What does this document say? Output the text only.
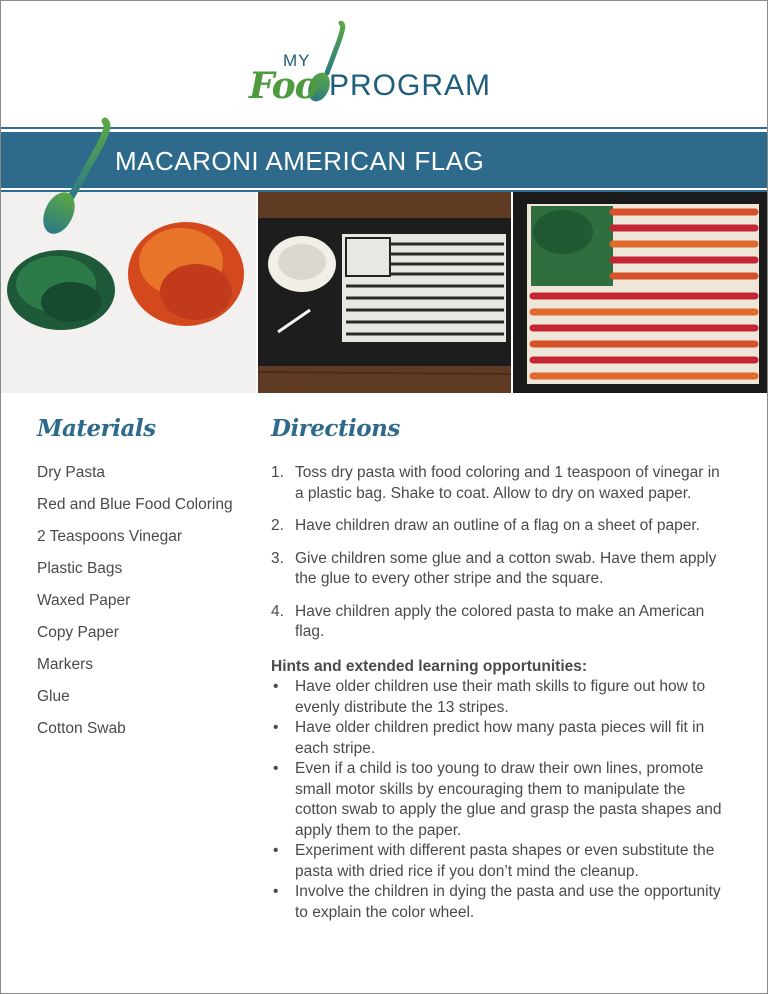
MY
Foo PROGRAM
MACARONI AMERICAN FLAG
Materials
Dry Pasta
Red and Blue Food Coloring
2 Teaspoons Vinegar
Plastic Bags
Waxed Paper
Copy Paper
Markers
Glue
Cotton Swab
Directions
1. Toss dry pasta with food coloring and 1 teaspoon of vinegar in a plastic bag. Shake to coat. Allow to dry on waxed paper.
2. Have children draw an outline of a flag on a sheet of paper.
3. Give children some glue and a cotton swab. Have them apply the glue to every other stripe and the square.
4. Have children apply the colored pasta to make an American flag.
Hints and extended learning opportunities:
• Have older children use their math skills to figure out how to evenly distribute the 13 stripes.
• Have older children predict how many pasta pieces will fit in each stripe.
• Even if a child is too young to draw their own lines, promote small motor skills by encouraging them to manipulate the cotton swab to apply the glue and grasp the pasta shapes and apply them to the paper.
• Experiment with different pasta shapes or even substitute the pasta with dried rice if you don’t mind the cleanup.
• Involve the children in dying the pasta and use the opportunity to explain the color wheel.
